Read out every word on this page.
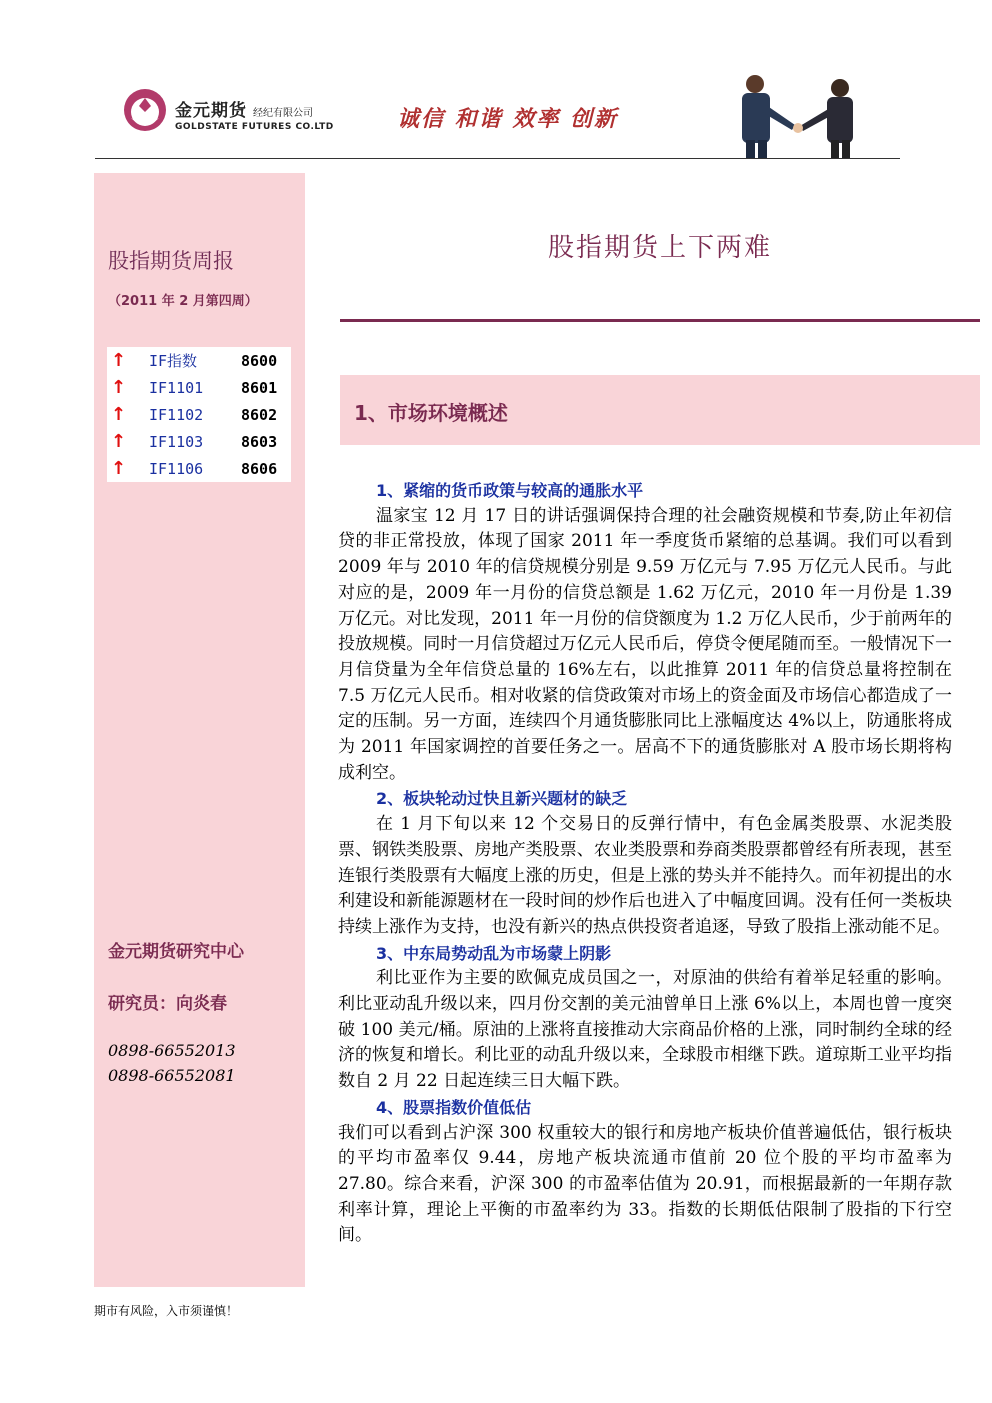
金元期货 经纪有限公司
GOLDSTATE FUTURES CO.LTD	诚信 和谐 效率 创新
股指期货周报
（2011 年 2 月第四周）
↑	IF指数	8600
↑	IF1101	8601
↑	IF1102	8602
↑	IF1103	8603
↑	IF1106	8606
金元期货研究中心
研究员：向炎春
0898-66552013
0898-66552081
期市有风险，入市须谨慎！
股指期货上下两难
1、市场环境概述
1、紧缩的货币政策与较高的通胀水平

温家宝 12 月 17 日的讲话强调保持合理的社会融资规模和节奏,防止年初信贷的非正常投放，体现了国家 2011 年一季度货币紧缩的总基调。我们可以看到 2009 年与 2010 年的信贷规模分别是 9.59 万亿元与 7.95 万亿元人民币。与此对应的是，2009 年一月份的信贷总额是 1.62 万亿元，2010 年一月份是 1.39 万亿元。对比发现，2011 年一月份的信贷额度为 1.2 万亿人民币，少于前两年的投放规模。同时一月信贷超过万亿元人民币后，停贷令便尾随而至。一般情况下一月信贷量为全年信贷总量的 16%左右，以此推算 2011 年的信贷总量将控制在 7.5 万亿元人民币。相对收紧的信贷政策对市场上的资金面及市场信心都造成了一定的压制。另一方面，连续四个月通货膨胀同比上涨幅度达 4%以上，防通胀将成为 2011 年国家调控的首要任务之一。居高不下的通货膨胀对 A 股市场长期将构成利空。

2、板块轮动过快且新兴题材的缺乏

在 1 月下旬以来 12 个交易日的反弹行情中，有色金属类股票、水泥类股票、钢铁类股票、房地产类股票、农业类股票和券商类股票都曾经有所表现，甚至连银行类股票有大幅度上涨的历史，但是上涨的势头并不能持久。而年初提出的水利建设和新能源题材在一段时间的炒作后也进入了中幅度回调。没有任何一类板块持续上涨作为支持，也没有新兴的热点供投资者追逐，导致了股指上涨动能不足。

3、中东局势动乱为市场蒙上阴影

利比亚作为主要的欧佩克成员国之一，对原油的供给有着举足轻重的影响。利比亚动乱升级以来，四月份交割的美元油曾单日上涨 6%以上，本周也曾一度突破 100 美元/桶。原油的上涨将直接推动大宗商品价格的上涨，同时制约全球的经济的恢复和增长。利比亚的动乱升级以来，全球股市相继下跌。道琼斯工业平均指数自 2 月 22 日起连续三日大幅下跌。

4、股票指数价值低估

我们可以看到占沪深 300 权重较大的银行和房地产板块价值普遍低估，银行板块的平均市盈率仅 9.44，房地产板块流通市值前 20 位个股的平均市盈率为 27.80。综合来看，沪深 300 的市盈率估值为 20.91，而根据最新的一年期存款利率计算，理论上平衡的市盈率约为 33。指数的长期低估限制了股指的下行空间。
